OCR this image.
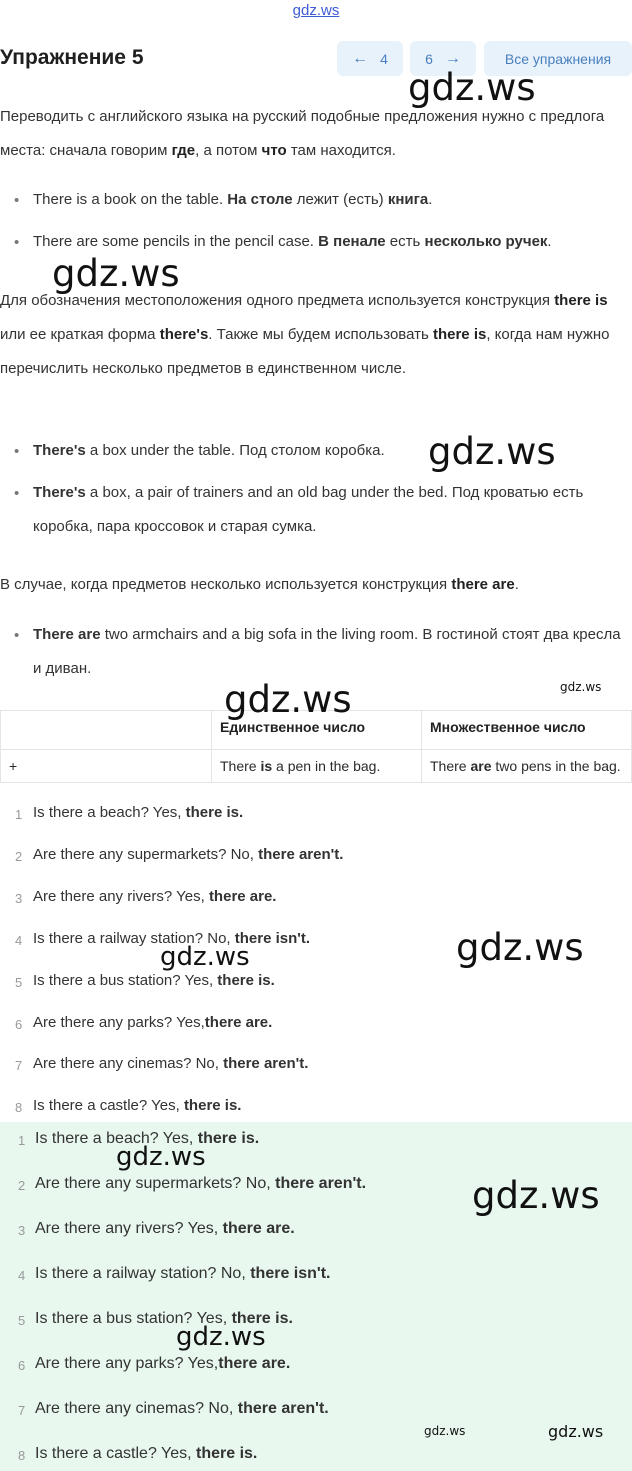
gdz.ws
Упражнение 5	← 4	6 →	Все упражнения
Переводить с английского языка на русский подобные предложения нужно с предлога места: сначала говорим где, а потом что там находится.
• There is a book on the table. На столе лежит (есть) книга.
• There are some pencils in the pencil case. В пенале есть несколько ручек.
Для обозначения местоположения одного предмета используется конструкция there is или ее краткая форма there's. Также мы будем использовать there is, когда нам нужно перечислить несколько предметов в единственном числе.
• There's a box under the table. Под столом коробка.
• There's a box, a pair of trainers and an old bag under the bed. Под кроватью есть коробка, пара кроссовок и старая сумка.
В случае, когда предметов несколько используется конструкция there are.
• There are two armchairs and a big sofa in the living room. В гостиной стоят два кресла и диван.
	Единственное число	Множественное число
+	There is a pen in the bag.	There are two pens in the bag.
1 Is there a beach? Yes, there is.
2 Are there any supermarkets? No, there aren't.
3 Are there any rivers? Yes, there are.
4 Is there a railway station? No, there isn't.
5 Is there a bus station? Yes, there is.
6 Are there any parks? Yes,there are.
7 Are there any cinemas? No, there aren't.
8 Is there a castle? Yes, there is.
1 Is there a beach? Yes, there is.
2 Are there any supermarkets? No, there aren't.
3 Are there any rivers? Yes, there are.
4 Is there a railway station? No, there isn't.
5 Is there a bus station? Yes, there is.
6 Are there any parks? Yes,there are.
7 Are there any cinemas? No, there aren't.
8 Is there a castle? Yes, there is.
gdz.ws
gdz.ws
gdz.ws
gdz.ws	gdz.ws
gdz.ws
gdz.ws
gdz.ws
gdz.ws
gdz.ws
gdz.ws	gdz.ws
